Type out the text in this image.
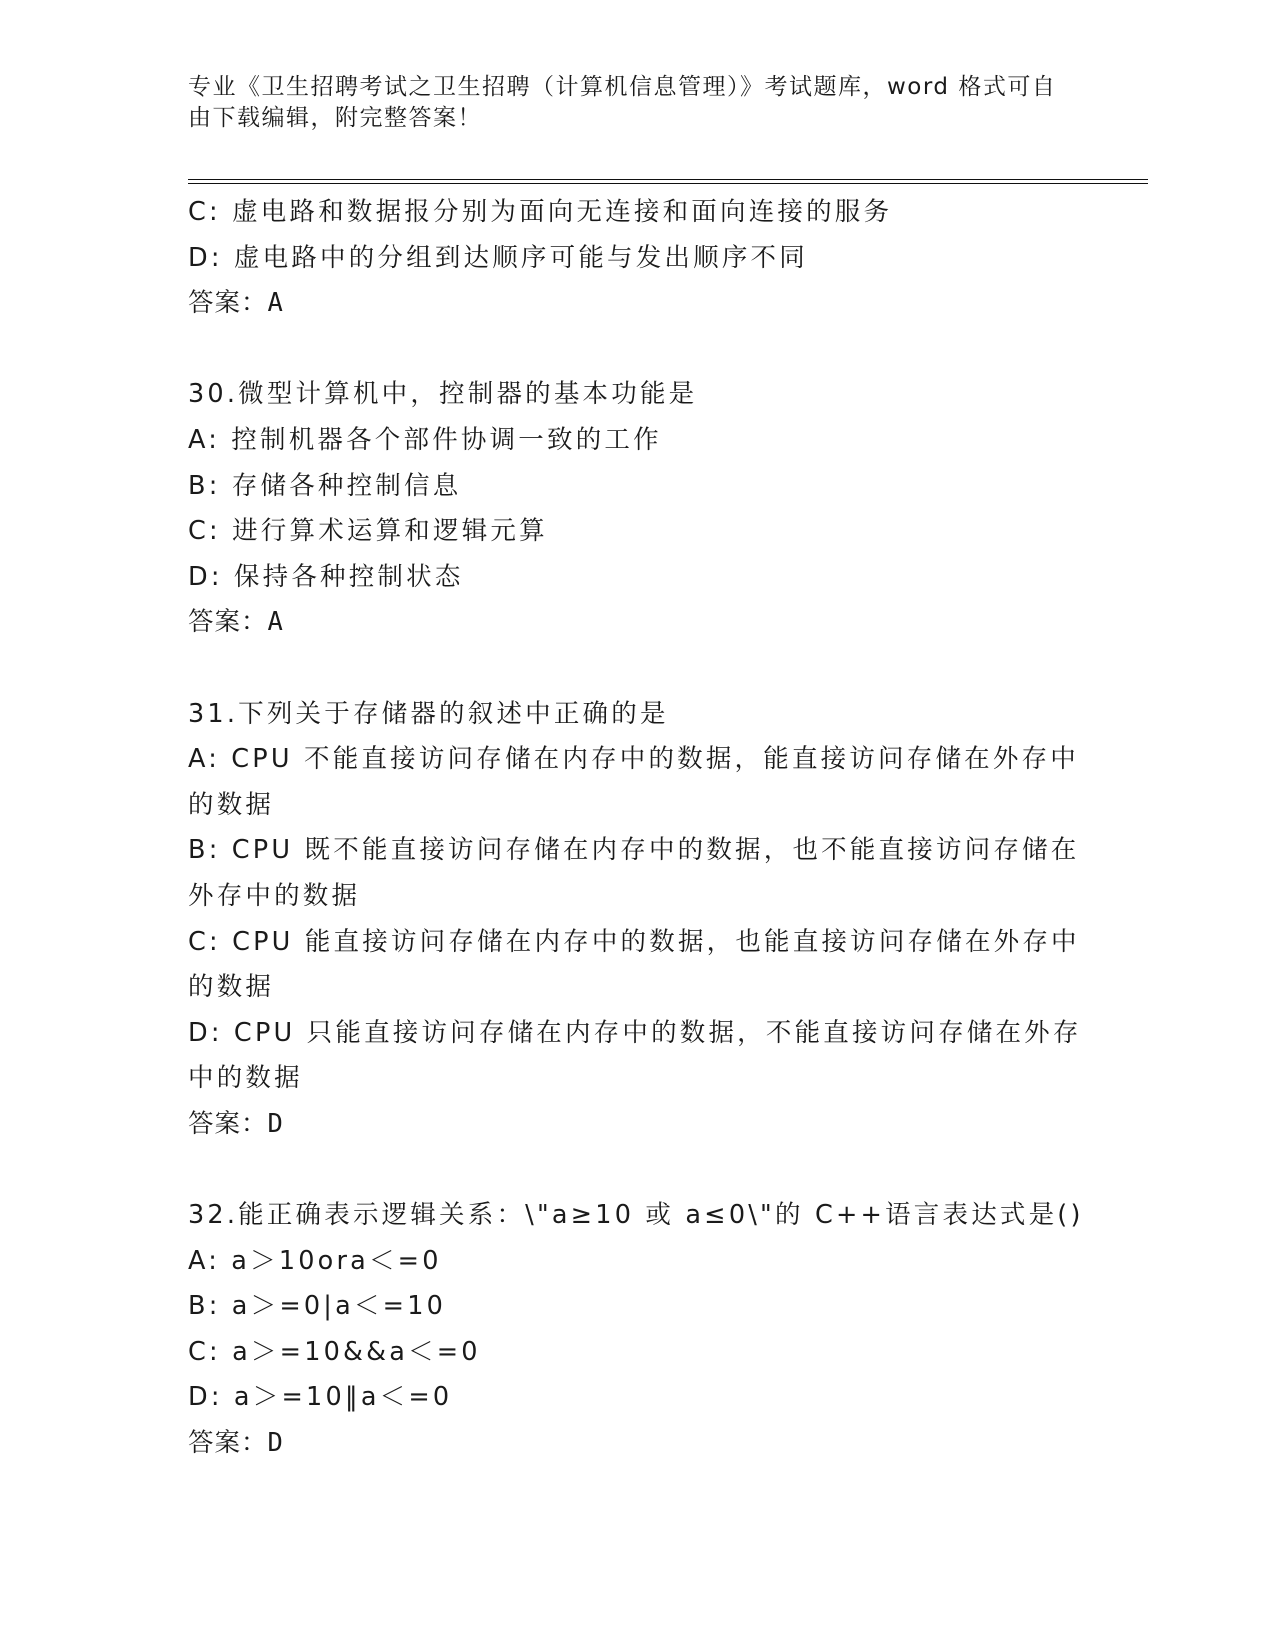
专业《卫生招聘考试之卫生招聘（计算机信息管理）》考试题库，word 格式可自
由下载编辑，附完整答案！
C: 虚电路和数据报分别为面向无连接和面向连接的服务
D: 虚电路中的分组到达顺序可能与发出顺序不同
答案：A
30.微型计算机中，控制器的基本功能是
A: 控制机器各个部件协调一致的工作
B: 存储各种控制信息
C: 进行算术运算和逻辑元算
D: 保持各种控制状态
答案：A
31.下列关于存储器的叙述中正确的是
A: CPU 不能直接访问存储在内存中的数据，能直接访问存储在外存中
的数据
B: CPU 既不能直接访问存储在内存中的数据，也不能直接访问存储在
外存中的数据
C: CPU 能直接访问存储在内存中的数据，也能直接访问存储在外存中
的数据
D: CPU 只能直接访问存储在内存中的数据，不能直接访问存储在外存
中的数据
答案：D
32.能正确表示逻辑关系：\"a≥10 或 a≤0\"的 C++语言表达式是()
A: a＞10ora＜=0
B: a＞=0|a＜=10
C: a＞=10&&a＜=0
D: a＞=10‖a＜=0
答案：D
